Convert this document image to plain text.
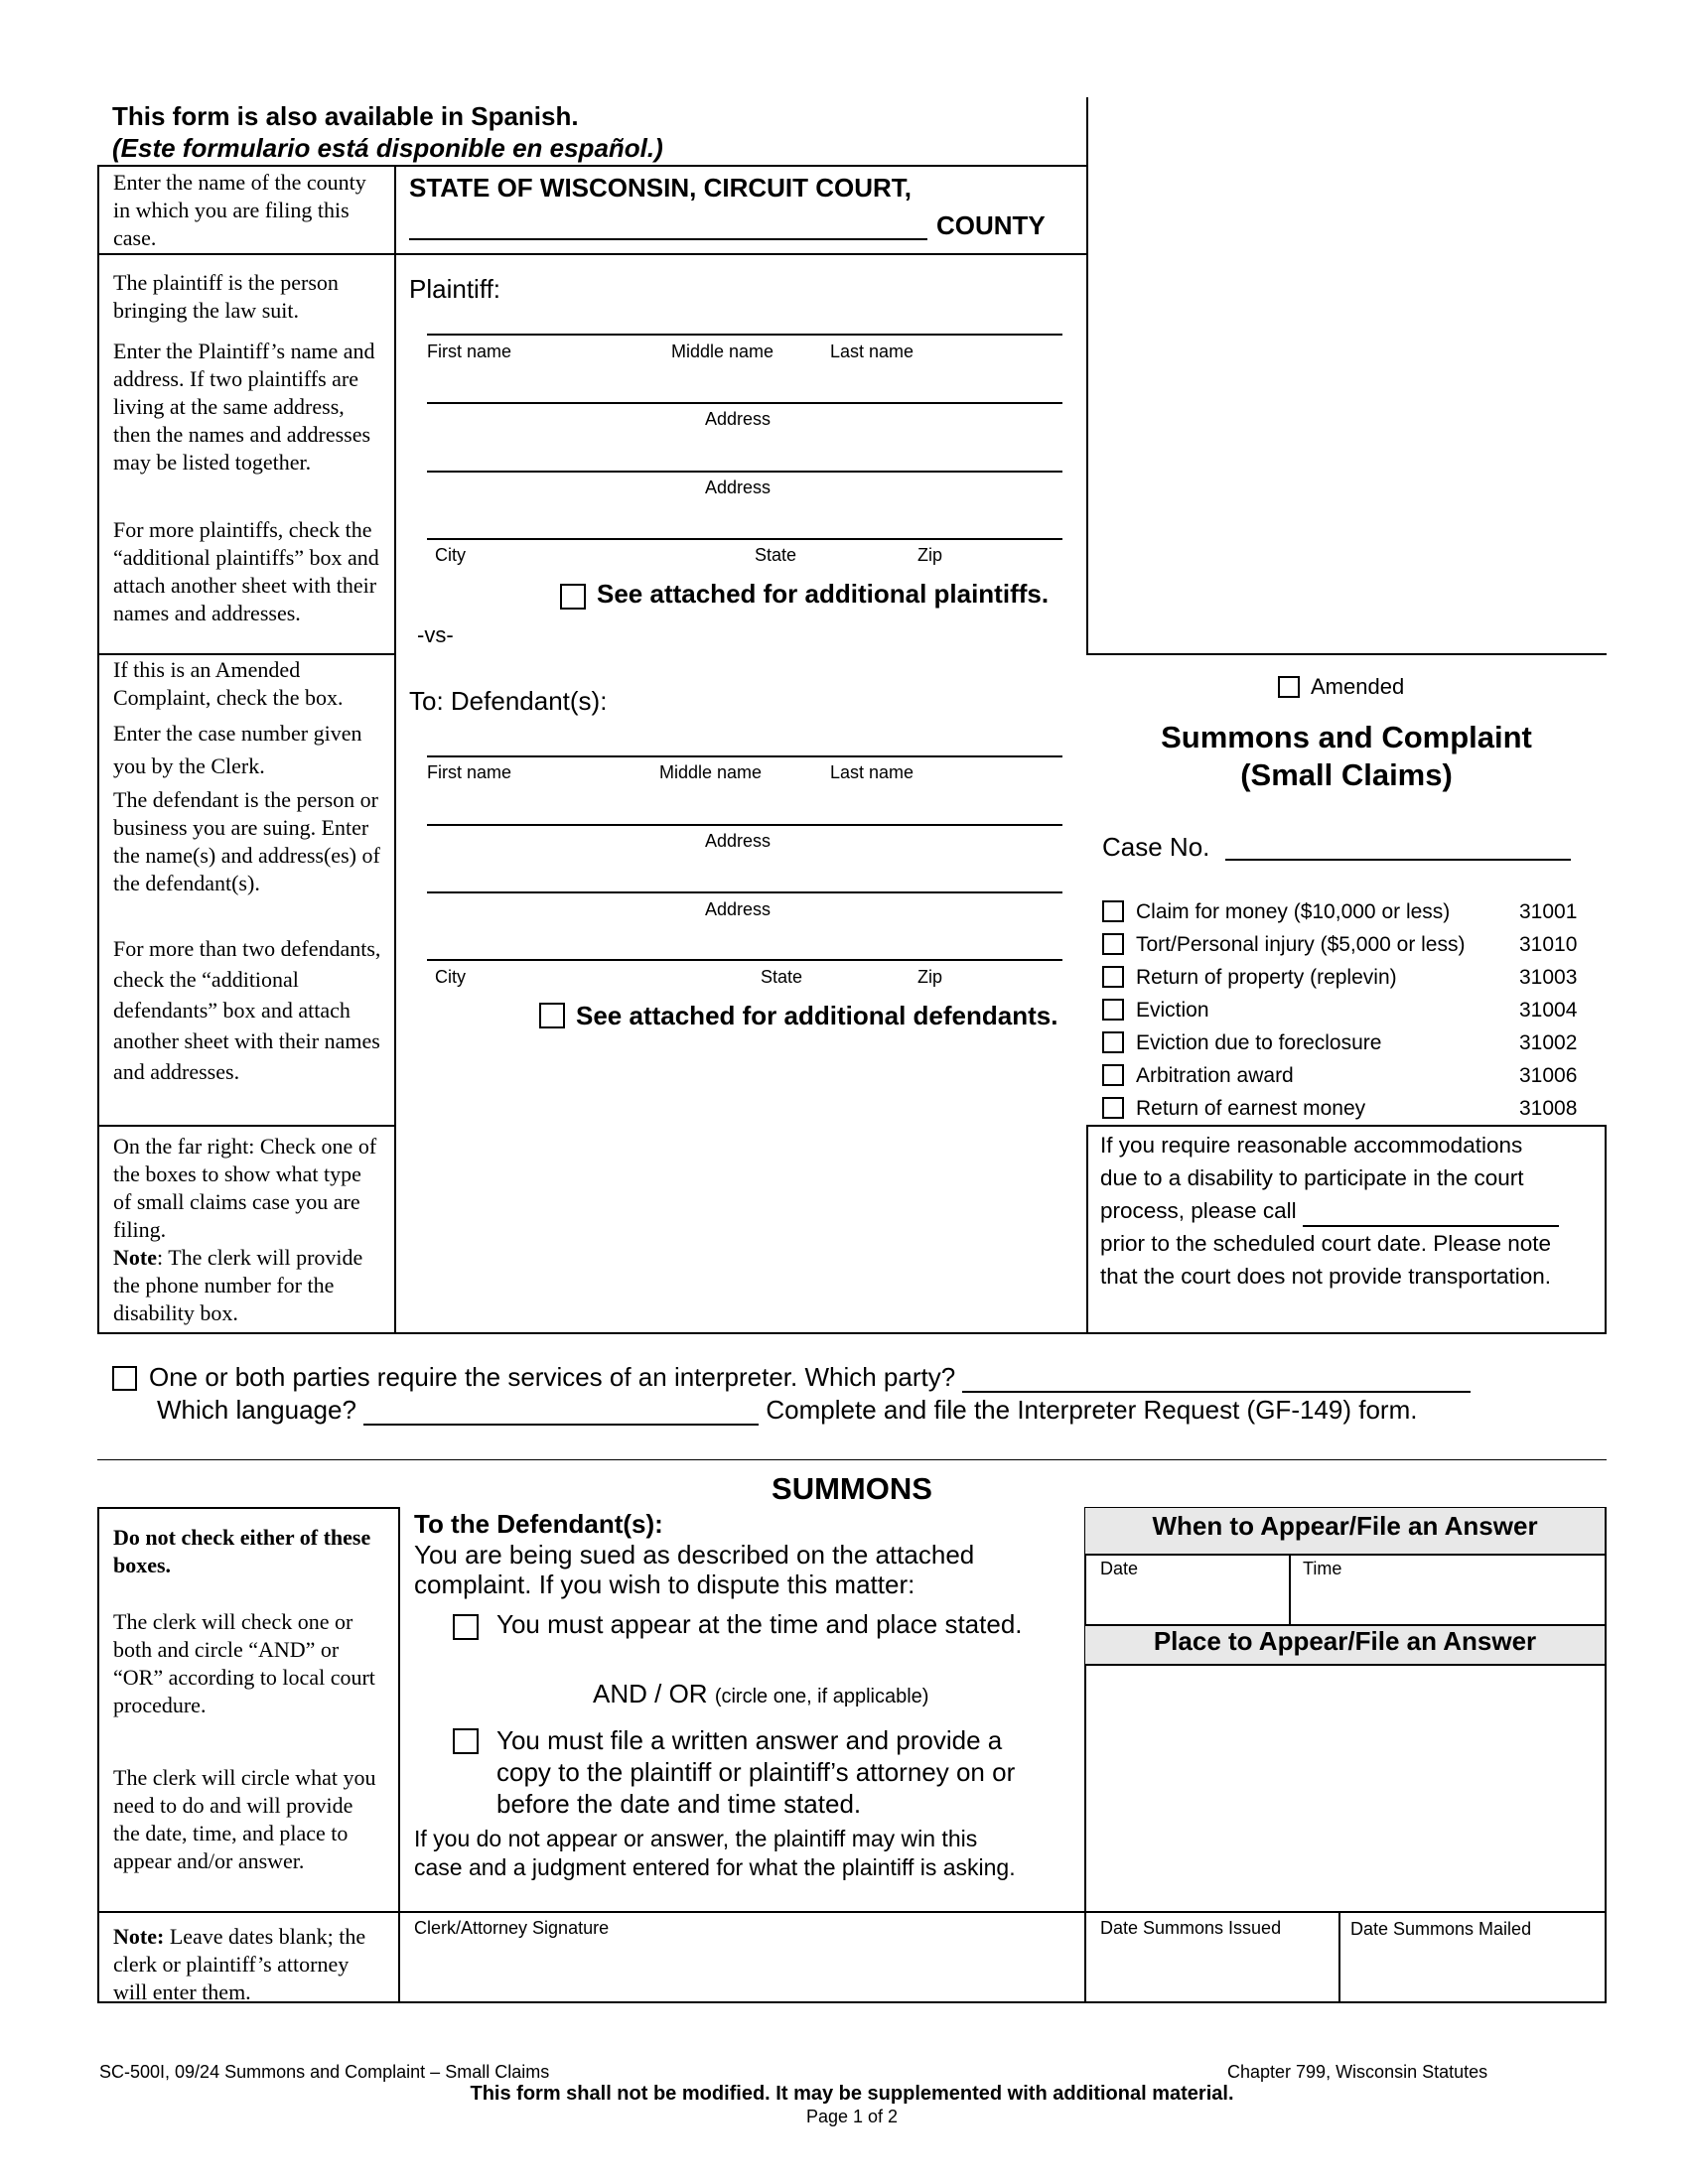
This form is also available in Spanish.
(Este formulario está disponible en español.)
STATE OF WISCONSIN, CIRCUIT COURT,
COUNTY
Enter the name of the county in which you are filing this case.
The plaintiff is the person bringing the law suit.
Enter the Plaintiff’s name and address. If two plaintiffs are living at the same address, then the names and addresses may be listed together.
For more plaintiffs, check the “additional plaintiffs” box and attach another sheet with their names and addresses.
If this is an Amended Complaint, check the box.
Enter the case number given you by the Clerk.
The defendant is the person or business you are suing. Enter the name(s) and address(es) of the defendant(s).
For more than two defendants, check the “additional defendants” box and attach another sheet with their names and addresses.
On the far right: Check one of the boxes to show what type of small claims case you are filing.
Note: The clerk will provide the phone number for the disability box.
Plaintiff:
First name	Middle name	Last name
Address
Address
City	State	Zip
See attached for additional plaintiffs.
-vs-
To: Defendant(s):
First name	Middle name	Last name
Address
Address
City	State	Zip
See attached for additional defendants.
Amended
Summons and Complaint
(Small Claims)
Case No.
Claim for money ($10,000 or less)	31001
Tort/Personal injury ($5,000 or less)	31010
Return of property (replevin)	31003
Eviction	31004
Eviction due to foreclosure	31002
Arbitration award	31006
Return of earnest money	31008
If you require reasonable accommodations
due to a disability to participate in the court
process, please call
prior to the scheduled court date. Please note
that the court does not provide transportation.
One or both parties require the services of an interpreter. Which party?
Which language?	Complete and file the Interpreter Request (GF-149) form.
SUMMONS
When to Appear/File an Answer
Date	Time
Place to Appear/File an Answer
Do not check either of these boxes.
The clerk will check one or both and circle “AND” or “OR” according to local court procedure.
The clerk will circle what you need to do and will provide the date, time, and place to appear and/or answer.
Note: Leave dates blank; the clerk or plaintiff’s attorney will enter them.
To the Defendant(s):
You are being sued as described on the attached
complaint. If you wish to dispute this matter:
You must appear at the time and place stated.
AND / OR (circle one, if applicable)
You must file a written answer and provide a
copy to the plaintiff or plaintiff’s attorney on or
before the date and time stated.
If you do not appear or answer, the plaintiff may win this
case and a judgment entered for what the plaintiff is asking.
Clerk/Attorney Signature	Date Summons Issued	Date Summons Mailed
SC-500I, 09/24 Summons and Complaint – Small Claims	Chapter 799, Wisconsin Statutes
This form shall not be modified. It may be supplemented with additional material.
Page 1 of 2
